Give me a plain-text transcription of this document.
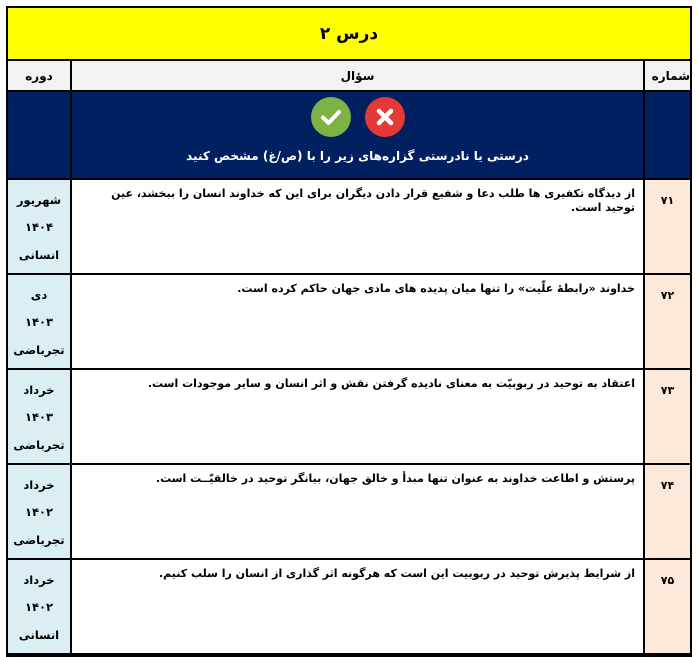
درس ۲
دوره	سؤال	شماره
درستی یا نادرستی گزاره‌های زیر را با (ص/غ) مشخص کنید
شهریور
۱۴۰۴
انسانی
از دیدگاه تکفیری ها طلب دعا و شفیع قرار دادن دیگران برای این که خداوند انسان را ببخشد، عین توحید است.
۷۱
دی
۱۴۰۳
تجرباضی
خداوند «رابطهٔ علّیت» را تنها میان پدیده های مادی جهان حاکم کرده است.
۷۲
خرداد
۱۴۰۳
تجرباضی
اعتقاد به توحید در ربوبیّت به معنای نادیده گرفتن نقش و اثر انسان و سایر موجودات است.
۷۳
خرداد
۱۴۰۲
تجرباضی
پرستش و اطاعت خداوند به عنوان تنها مبدأ و خالق جهان، بیانگر توحید در خالقیّــت است.
۷۴
خرداد
۱۴۰۲
انسانی
از شرایط پذیرش توحید در ربوبیت این است که هرگونه اثر گذاری از انسان را سلب کنیم.
۷۵
